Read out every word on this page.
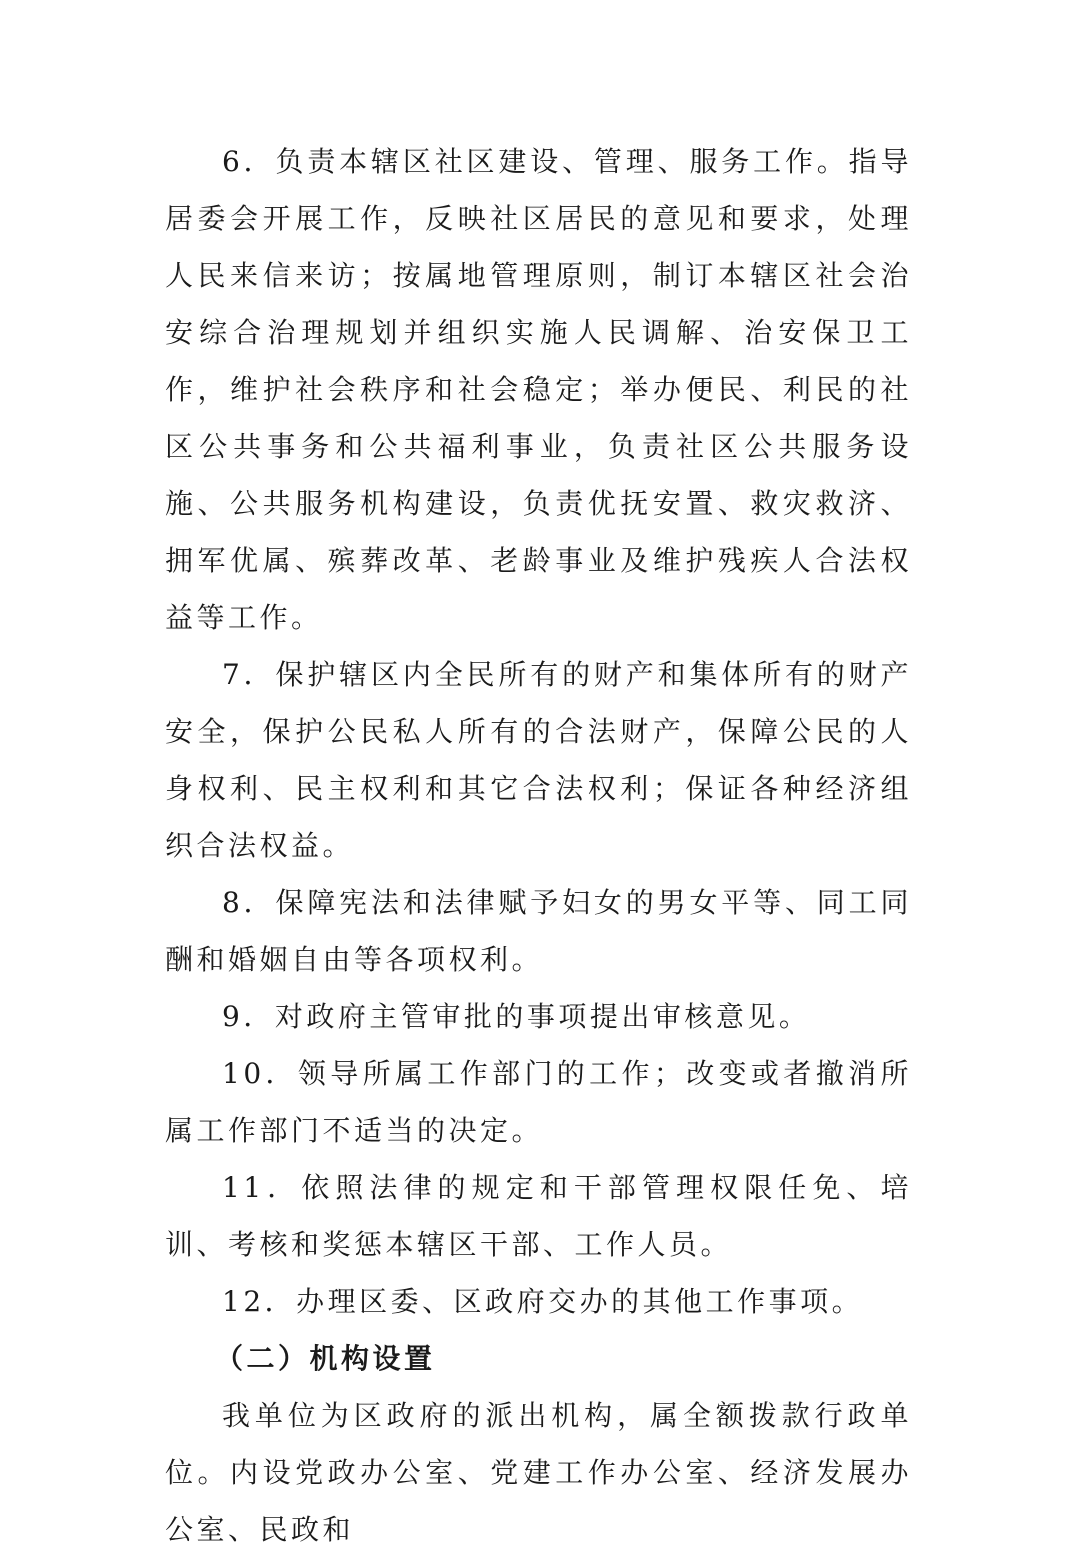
6．负责本辖区社区建设、管理、服务工作。指导居委会开展工作，反映社区居民的意见和要求，处理人民来信来访；按属地管理原则，制订本辖区社会治安综合治理规划并组织实施人民调解、治安保卫工作，维护社会秩序和社会稳定；举办便民、利民的社区公共事务和公共福利事业，负责社区公共服务设施、公共服务机构建设，负责优抚安置、救灾救济、拥军优属、殡葬改革、老龄事业及维护残疾人合法权益等工作。

7．保护辖区内全民所有的财产和集体所有的财产安全，保护公民私人所有的合法财产，保障公民的人身权利、民主权利和其它合法权利；保证各种经济组织合法权益。

8．保障宪法和法律赋予妇女的男女平等、同工同酬和婚姻自由等各项权利。

9．对政府主管审批的事项提出审核意见。

10．领导所属工作部门的工作；改变或者撤消所属工作部门不适当的决定。

11．依照法律的规定和干部管理权限任免、培训、考核和奖惩本辖区干部、工作人员。

12．办理区委、区政府交办的其他工作事项。

（二）机构设置

我单位为区政府的派出机构，属全额拨款行政单位。内设党政办公室、党建工作办公室、经济发展办公室、民政和
